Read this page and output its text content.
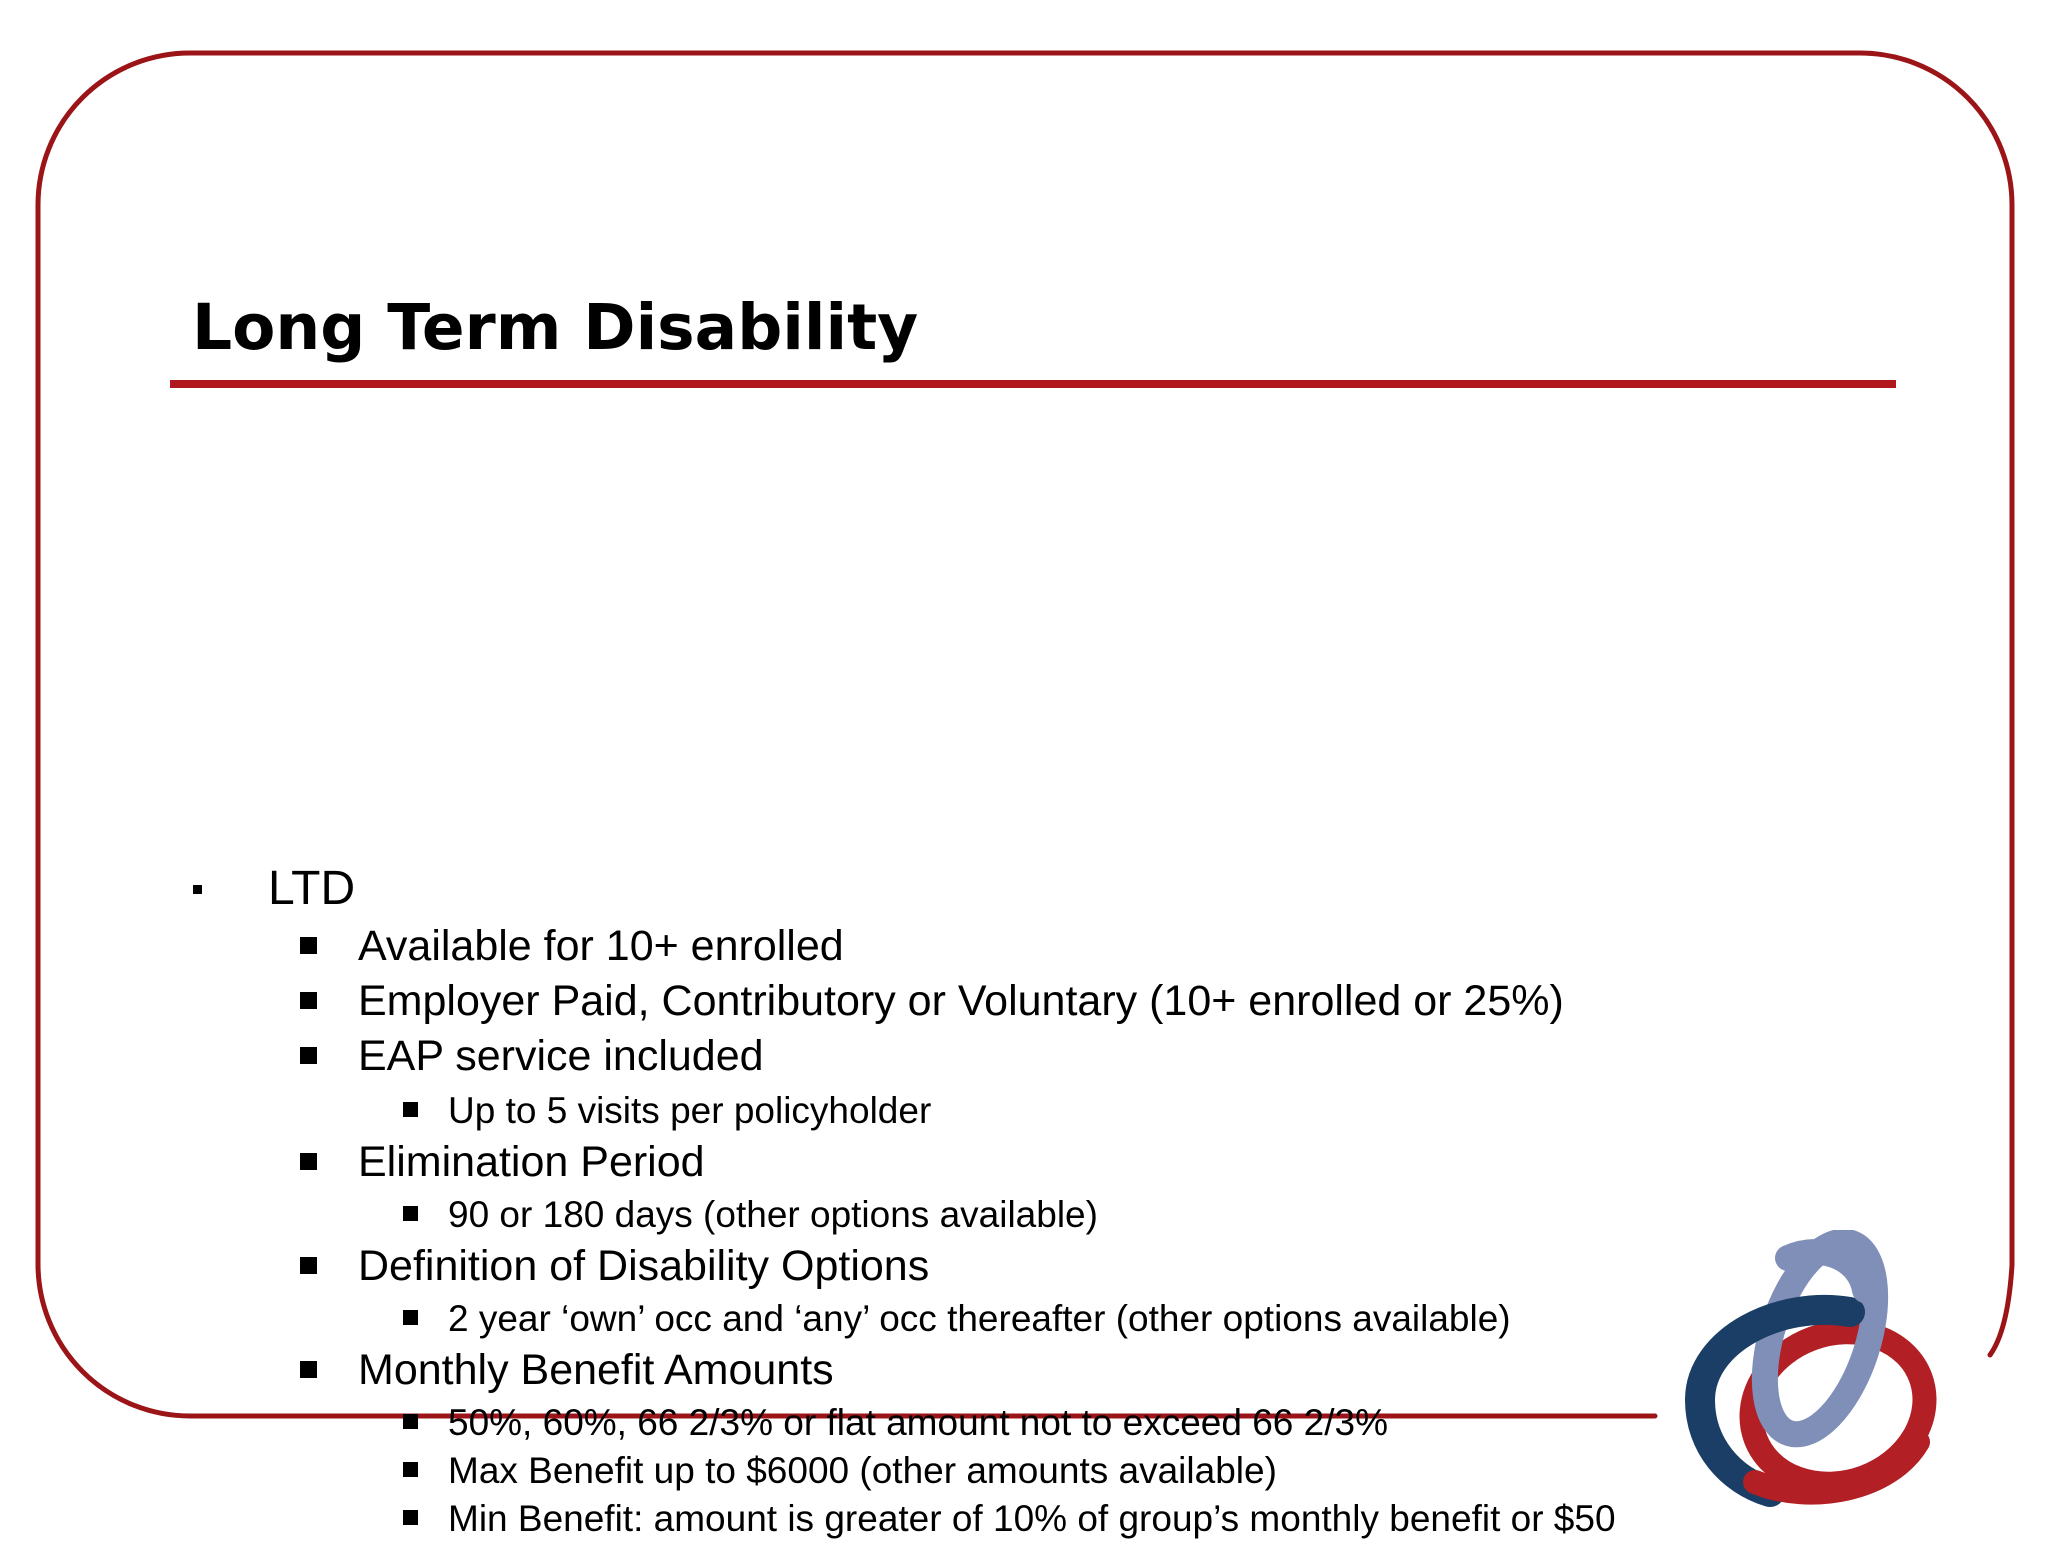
Long Term Disability
LTD
Available for 10+ enrolled
Employer Paid, Contributory or Voluntary (10+ enrolled or 25%)
EAP service included
Up to 5 visits per policyholder
Elimination Period
90 or 180 days (other options available)
Definition of Disability Options
2 year ‘own’ occ and ‘any’ occ thereafter (other options available)
Monthly Benefit Amounts
50%, 60%, 66 2/3% or flat amount not to exceed 66 2/3%
Max Benefit up to $6000 (other amounts available)
Min Benefit: amount is greater of 10% of group’s monthly benefit or $50
